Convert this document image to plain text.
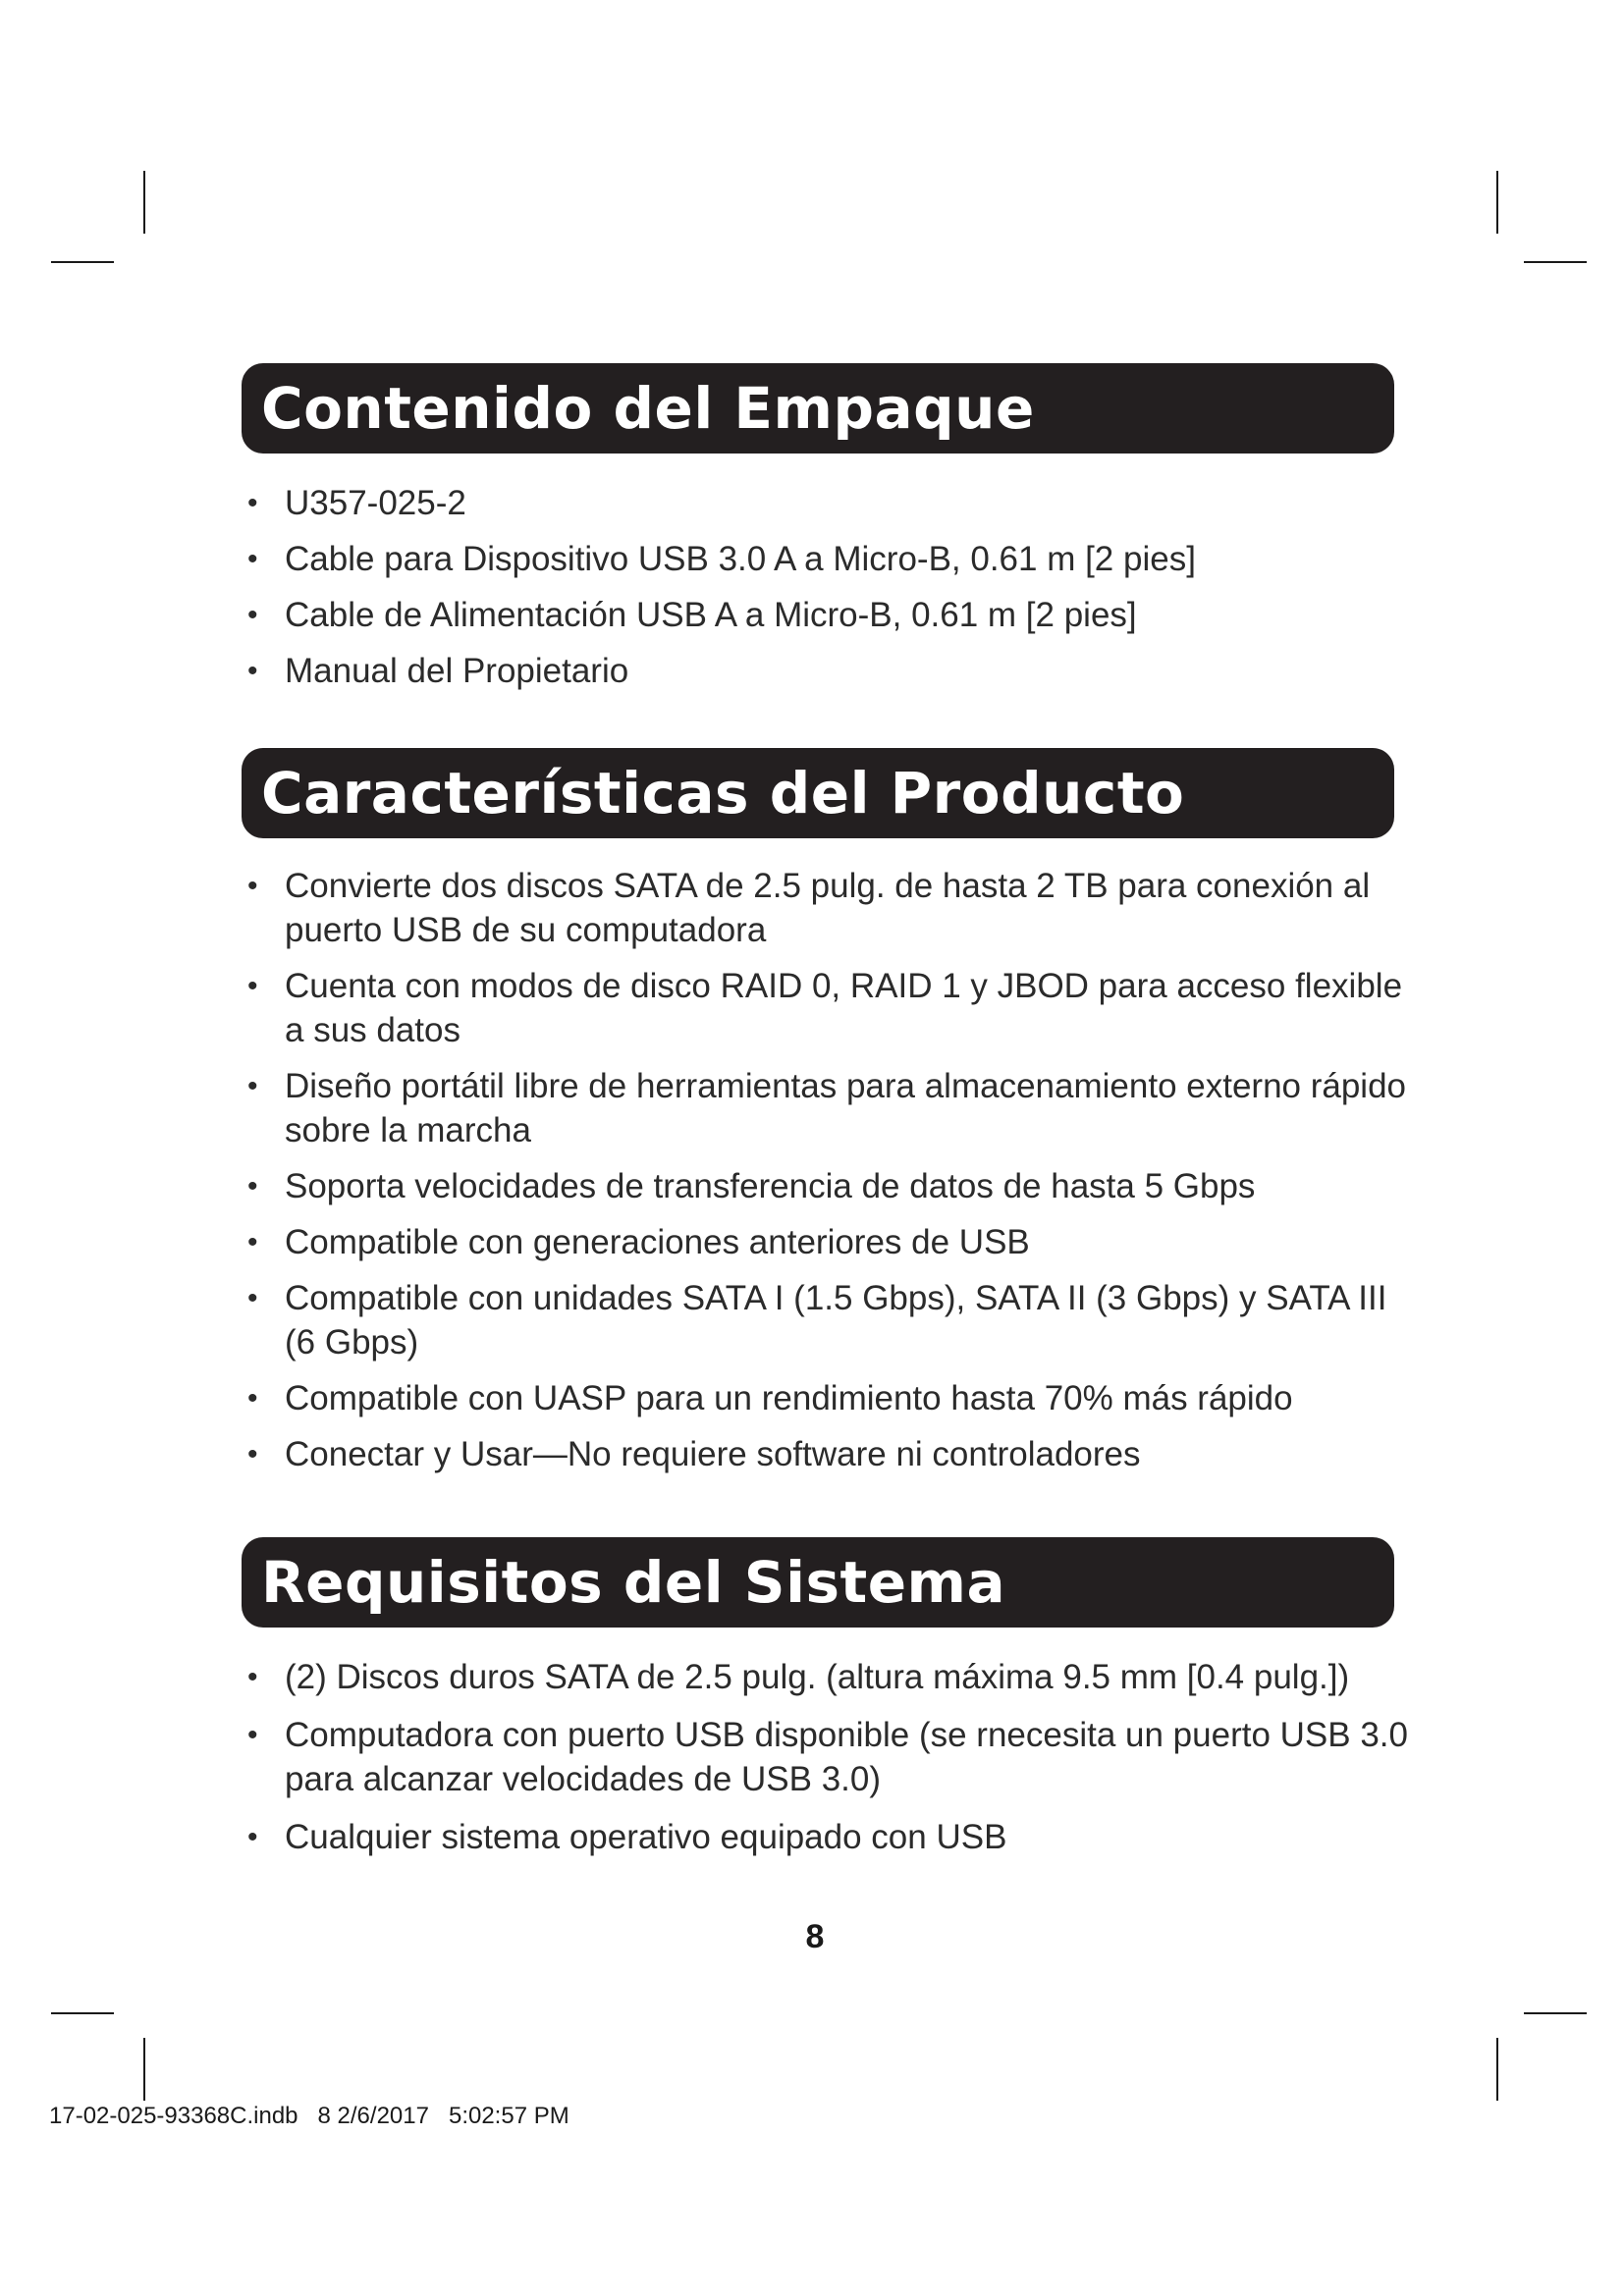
Contenido del Empaque
• U357-025-2
• Cable para Dispositivo USB 3.0 A a Micro-B, 0.61 m [2 pies]
• Cable de Alimentación USB A a Micro-B, 0.61 m [2 pies]
• Manual del Propietario
Características del Producto
• Convierte dos discos SATA de 2.5 pulg. de hasta 2 TB para conexión al puerto USB de su computadora
• Cuenta con modos de disco RAID 0, RAID 1 y JBOD para acceso flexible a sus datos
• Diseño portátil libre de herramientas para almacenamiento externo rápido sobre la marcha
• Soporta velocidades de transferencia de datos de hasta 5 Gbps
• Compatible con generaciones anteriores de USB
• Compatible con unidades SATA I (1.5 Gbps), SATA II (3 Gbps) y SATA III (6 Gbps)
• Compatible con UASP para un rendimiento hasta 70% más rápido
• Conectar y Usar—No requiere software ni controladores
Requisitos del Sistema
• (2) Discos duros SATA de 2.5 pulg. (altura máxima 9.5 mm [0.4 pulg.])
• Computadora con puerto USB disponible (se rnecesita un puerto USB 3.0 para alcanzar velocidades de USB 3.0)
• Cualquier sistema operativo equipado con USB
8
17-02-025-93368C.indb   8 2/6/2017   5:02:57 PM
